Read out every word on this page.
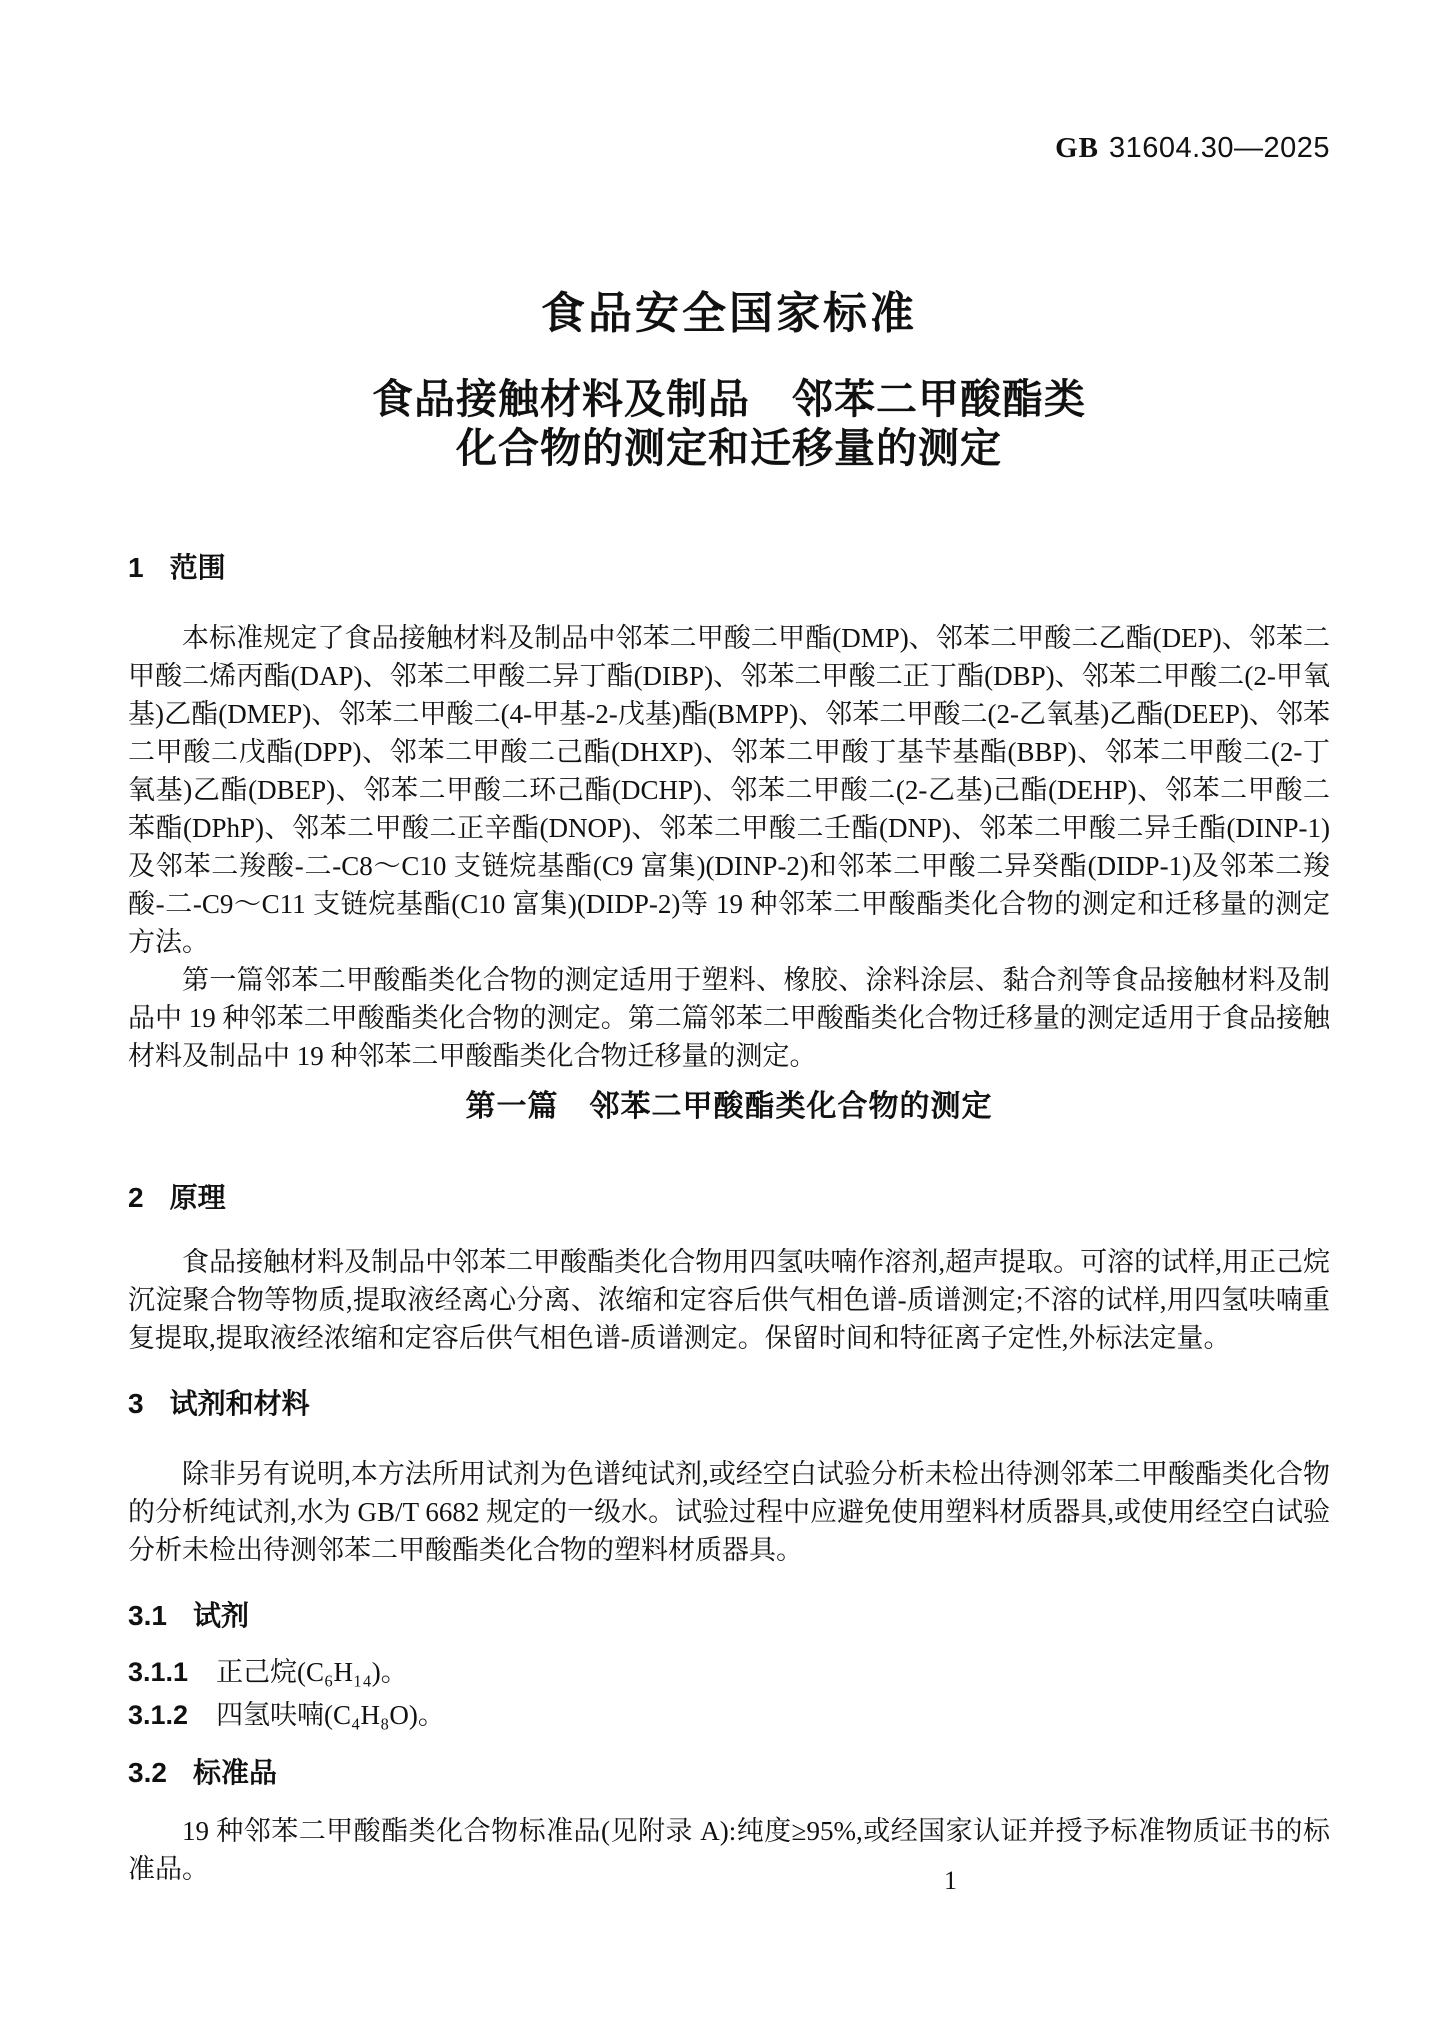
GB 31604.30—2025
食品安全国家标准
食品接触材料及制品　邻苯二甲酸酯类
化合物的测定和迁移量的测定
1 范围

本标准规定了食品接触材料及制品中邻苯二甲酸二甲酯(DMP)、邻苯二甲酸二乙酯(DEP)、邻苯二甲酸二烯丙酯(DAP)、邻苯二甲酸二异丁酯(DIBP)、邻苯二甲酸二正丁酯(DBP)、邻苯二甲酸二(2-甲氧基)乙酯(DMEP)、邻苯二甲酸二(4-甲基-2-戊基)酯(BMPP)、邻苯二甲酸二(2-乙氧基)乙酯(DEEP)、邻苯二甲酸二戊酯(DPP)、邻苯二甲酸二己酯(DHXP)、邻苯二甲酸丁基苄基酯(BBP)、邻苯二甲酸二(2-丁氧基)乙酯(DBEP)、邻苯二甲酸二环己酯(DCHP)、邻苯二甲酸二(2-乙基)己酯(DEHP)、邻苯二甲酸二苯酯(DPhP)、邻苯二甲酸二正辛酯(DNOP)、邻苯二甲酸二壬酯(DNP)、邻苯二甲酸二异壬酯(DINP-1)及邻苯二羧酸-二-C8～C10 支链烷基酯(C9 富集)(DINP-2)和邻苯二甲酸二异癸酯(DIDP-1)及邻苯二羧酸-二-C9～C11 支链烷基酯(C10 富集)(DIDP-2)等 19 种邻苯二甲酸酯类化合物的测定和迁移量的测定方法。

第一篇邻苯二甲酸酯类化合物的测定适用于塑料、橡胶、涂料涂层、黏合剂等食品接触材料及制品中 19 种邻苯二甲酸酯类化合物的测定。第二篇邻苯二甲酸酯类化合物迁移量的测定适用于食品接触材料及制品中 19 种邻苯二甲酸酯类化合物迁移量的测定。

第一篇　邻苯二甲酸酯类化合物的测定
2 原理

食品接触材料及制品中邻苯二甲酸酯类化合物用四氢呋喃作溶剂,超声提取。可溶的试样,用正己烷沉淀聚合物等物质,提取液经离心分离、浓缩和定容后供气相色谱-质谱测定;不溶的试样,用四氢呋喃重复提取,提取液经浓缩和定容后供气相色谱-质谱测定。保留时间和特征离子定性,外标法定量。

3 试剂和材料

除非另有说明,本方法所用试剂为色谱纯试剂,或经空白试验分析未检出待测邻苯二甲酸酯类化合物的分析纯试剂,水为 GB/T 6682 规定的一级水。试验过程中应避免使用塑料材质器具,或使用经空白试验分析未检出待测邻苯二甲酸酯类化合物的塑料材质器具。

3.1 试剂
3.1.1 正己烷(C₆H₁₄)。
3.1.2 四氢呋喃(C₄H₈O)。
3.2 标准品

19 种邻苯二甲酸酯类化合物标准品(见附录 A):纯度≥95%,或经国家认证并授予标准物质证书的标准品。	1
